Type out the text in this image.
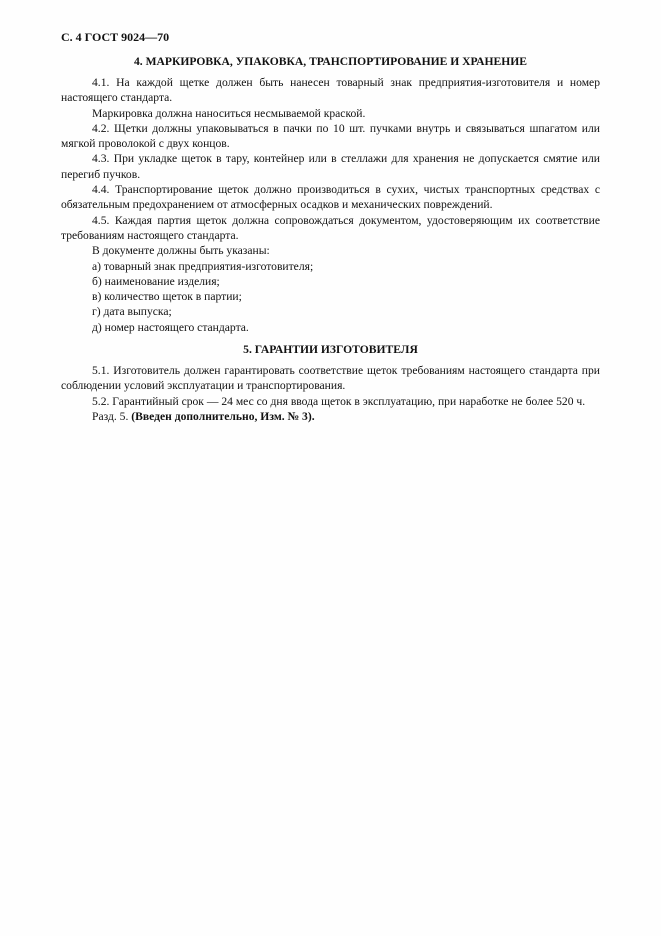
С. 4 ГОСТ 9024—70
4. МАРКИРОВКА, УПАКОВКА, ТРАНСПОРТИРОВАНИЕ И ХРАНЕНИЕ

4.1. На каждой щетке должен быть нанесен товарный знак предприятия-изготовителя и номер настоящего стандарта.

Маркировка должна наноситься несмываемой краской.

4.2. Щетки должны упаковываться в пачки по 10 шт. пучками внутрь и связываться шпагатом или мягкой проволокой с двух концов.

4.3. При укладке щеток в тару, контейнер или в стеллажи для хранения не допускается смятие или перегиб пучков.

4.4. Транспортирование щеток должно производиться в сухих, чистых транспортных средствах с обязательным предохранением от атмосферных осадков и механических повреждений.

4.5. Каждая партия щеток должна сопровождаться документом, удостоверяющим их соответствие требованиям настоящего стандарта.

В документе должны быть указаны:

а) товарный знак предприятия-изготовителя;

б) наименование изделия;

в) количество щеток в партии;

г) дата выпуска;

д) номер настоящего стандарта.

5. ГАРАНТИИ ИЗГОТОВИТЕЛЯ

5.1. Изготовитель должен гарантировать соответствие щеток требованиям настоящего стандарта при соблюдении условий эксплуатации и транспортирования.

5.2. Гарантийный срок — 24 мес со дня ввода щеток в эксплуатацию, при наработке не более 520 ч.

Разд. 5. (Введен дополнительно, Изм. № 3).
